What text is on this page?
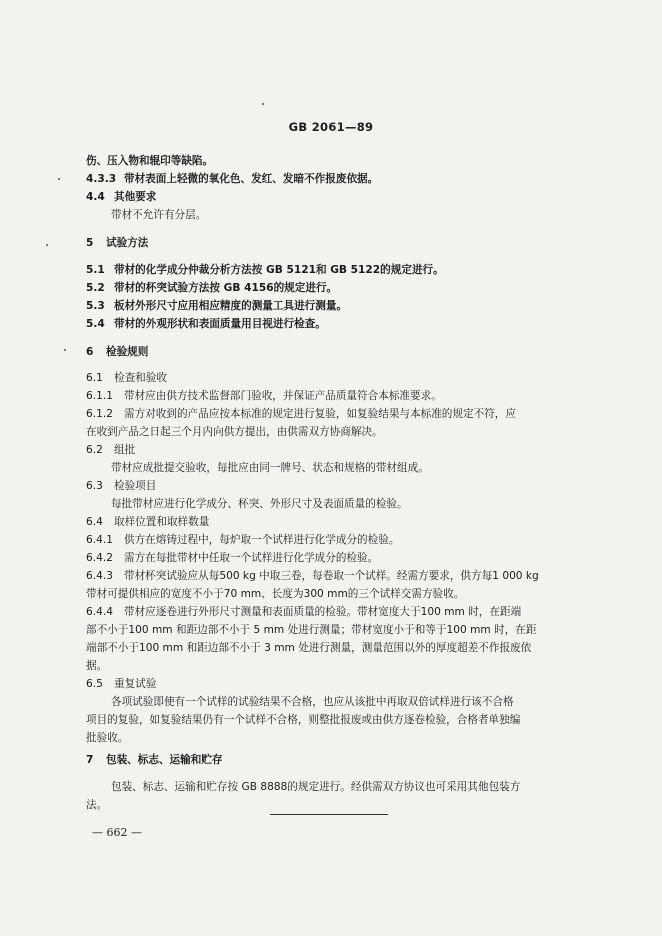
GB 2061—89
伤、压入物和辊印等缺陷。
4.3.3 带材表面上轻微的氧化色、发红、发暗不作报废依据。
4.4 其他要求
带材不允许有分层。
5 试验方法
5.1 带材的化学成分仲裁分析方法按 GB 5121和 GB 5122的规定进行。
5.2 带材的杯突试验方法按 GB 4156的规定进行。
5.3 板材外形尺寸应用相应精度的测量工具进行测量。
5.4 带材的外观形状和表面质量用目视进行检查。
6 检验规则
6.1 检查和验收
6.1.1 带材应由供方技术监督部门验收，并保证产品质量符合本标准要求。
6.1.2 需方对收到的产品应按本标准的规定进行复验，如复验结果与本标准的规定不符，应
在收到产品之日起三个月内向供方提出，由供需双方协商解决。
6.2 组批
带材应成批提交验收，每批应由同一牌号、状态和规格的带材组成。
6.3 检验项目
每批带材应进行化学成分、杯突、外形尺寸及表面质量的检验。
6.4 取样位置和取样数量
6.4.1 供方在熔铸过程中，每炉取一个试样进行化学成分的检验。
6.4.2 需方在每批带材中任取一个试样进行化学成分的检验。
6.4.3 带材杯突试验应从每500 kg 中取三卷，每卷取一个试样。经需方要求，供方每1 000 kg
带材可提供相应的宽度不小于70 mm、长度为300 mm的三个试样交需方验收。
6.4.4 带材应逐卷进行外形尺寸测量和表面质量的检验。带材宽度大于100 mm 时，在距端
部不小于100 mm 和距边部不小于 5 mm 处进行测量；带材宽度小于和等于100 mm 时，在距
端部不小于100 mm 和距边部不小于 3 mm 处进行测量，测量范围以外的厚度超差不作报废依
据。
6.5 重复试验
各项试验即使有一个试样的试验结果不合格，也应从该批中再取双倍试样进行该不合格
项目的复验，如复验结果仍有一个试样不合格，则整批报废或由供方逐卷检验，合格者单独编
批验收。
7 包装、标志、运输和贮存
包装、标志、运输和贮存按 GB 8888的规定进行。经供需双方协议也可采用其他包装方
法。
— 662 —
